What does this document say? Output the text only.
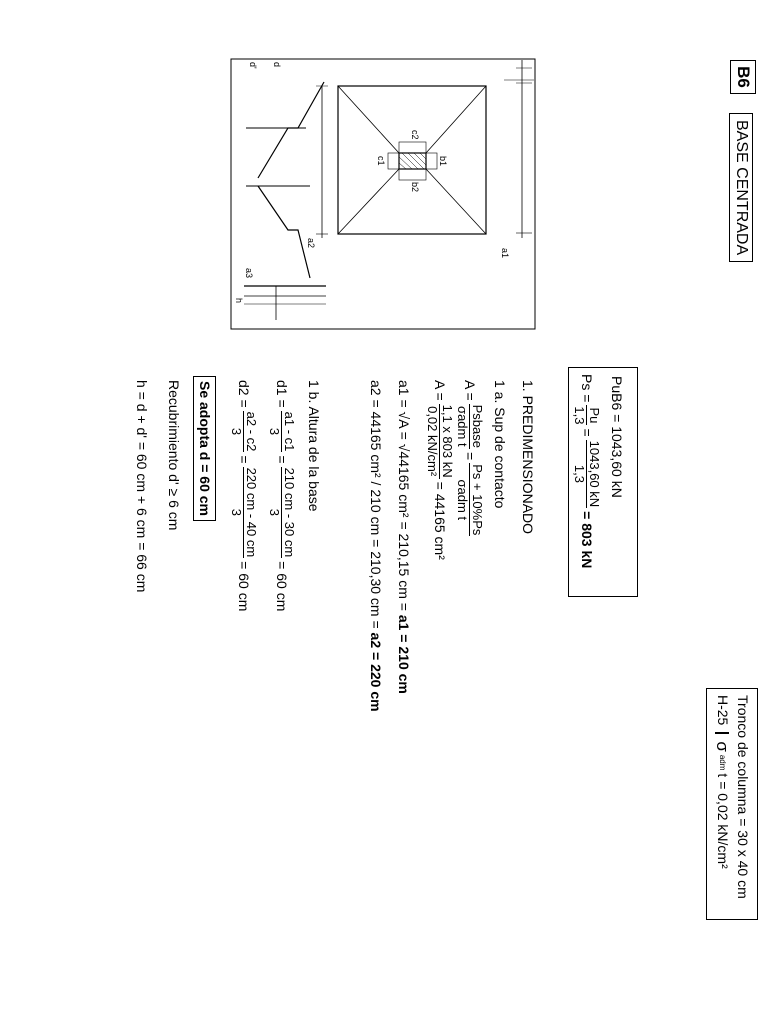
B6
BASE CENTRADA
a1
a2
b1
b2
c1
c2
d' d
h
a3
PuB6 = 1043,60 kN
Ps =
Pu
1,3
=
1043,60 kN
1,3
= 803 kN
Tronco de columna = 30 x 40 cm
H-25
σ
adm
t = 0,02 kN/cm²
1. PREDIMENSIONADO
1 a. Sup de contacto
A =
Psbase
σadm t
=
Ps + 10%Ps
σadm t
A =
1,1 x 803 kN
0,02 kN/cm²
= 44165 cm²
a1 = √A = √44165 cm² = 210,15 cm = a1 = 210 cm
a2 = 44165 cm² / 210 cm = 210,30 cm = a2 = 220 cm
1 b. Altura de la base
d1 =
a1 - c1
3
=
210 cm - 30 cm
3
= 60 cm
d2 =
a2 - c2
3
=
220 cm - 40 cm
3
= 60 cm
Se adopta d = 60 cm
Recubrimiento d' ≥ 6 cm
h = d + d' = 60 cm + 6 cm = 66 cm
